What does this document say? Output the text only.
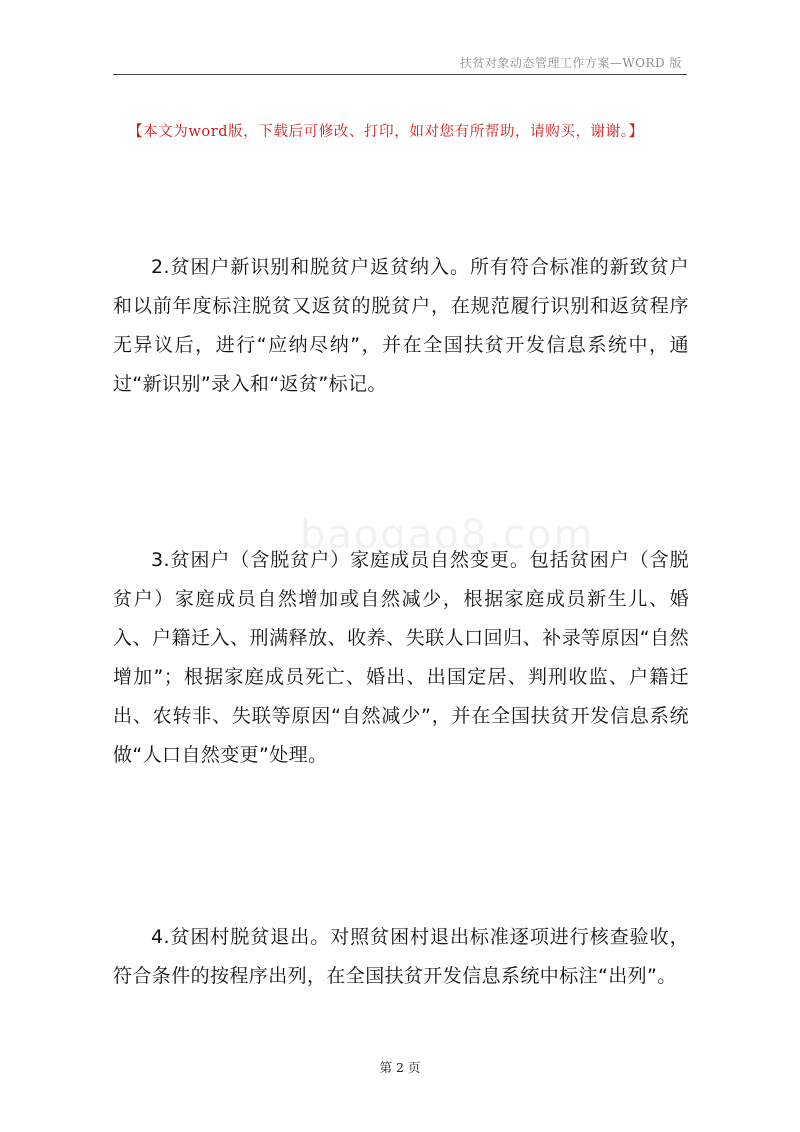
扶贫对象动态管理工作方案—WORD 版
【本文为word版，下载后可修改、打印，如对您有所帮助，请购买，谢谢。】
baogao8.com
2.贫困户新识别和脱贫户返贫纳入。所有符合标准的新致贫户和以前年度标注脱贫又返贫的脱贫户，在规范履行识别和返贫程序无异议后，进行“应纳尽纳”，并在全国扶贫开发信息系统中，通过“新识别”录入和“返贫”标记。
3.贫困户（含脱贫户）家庭成员自然变更。包括贫困户（含脱贫户）家庭成员自然增加或自然减少，根据家庭成员新生儿、婚入、户籍迁入、刑满释放、收养、失联人口回归、补录等原因“自然增加”；根据家庭成员死亡、婚出、出国定居、判刑收监、户籍迁出、农转非、失联等原因“自然减少”，并在全国扶贫开发信息系统做“人口自然变更”处理。
4.贫困村脱贫退出。对照贫困村退出标准逐项进行核查验收，符合条件的按程序出列，在全国扶贫开发信息系统中标注“出列”。
第 2 页
